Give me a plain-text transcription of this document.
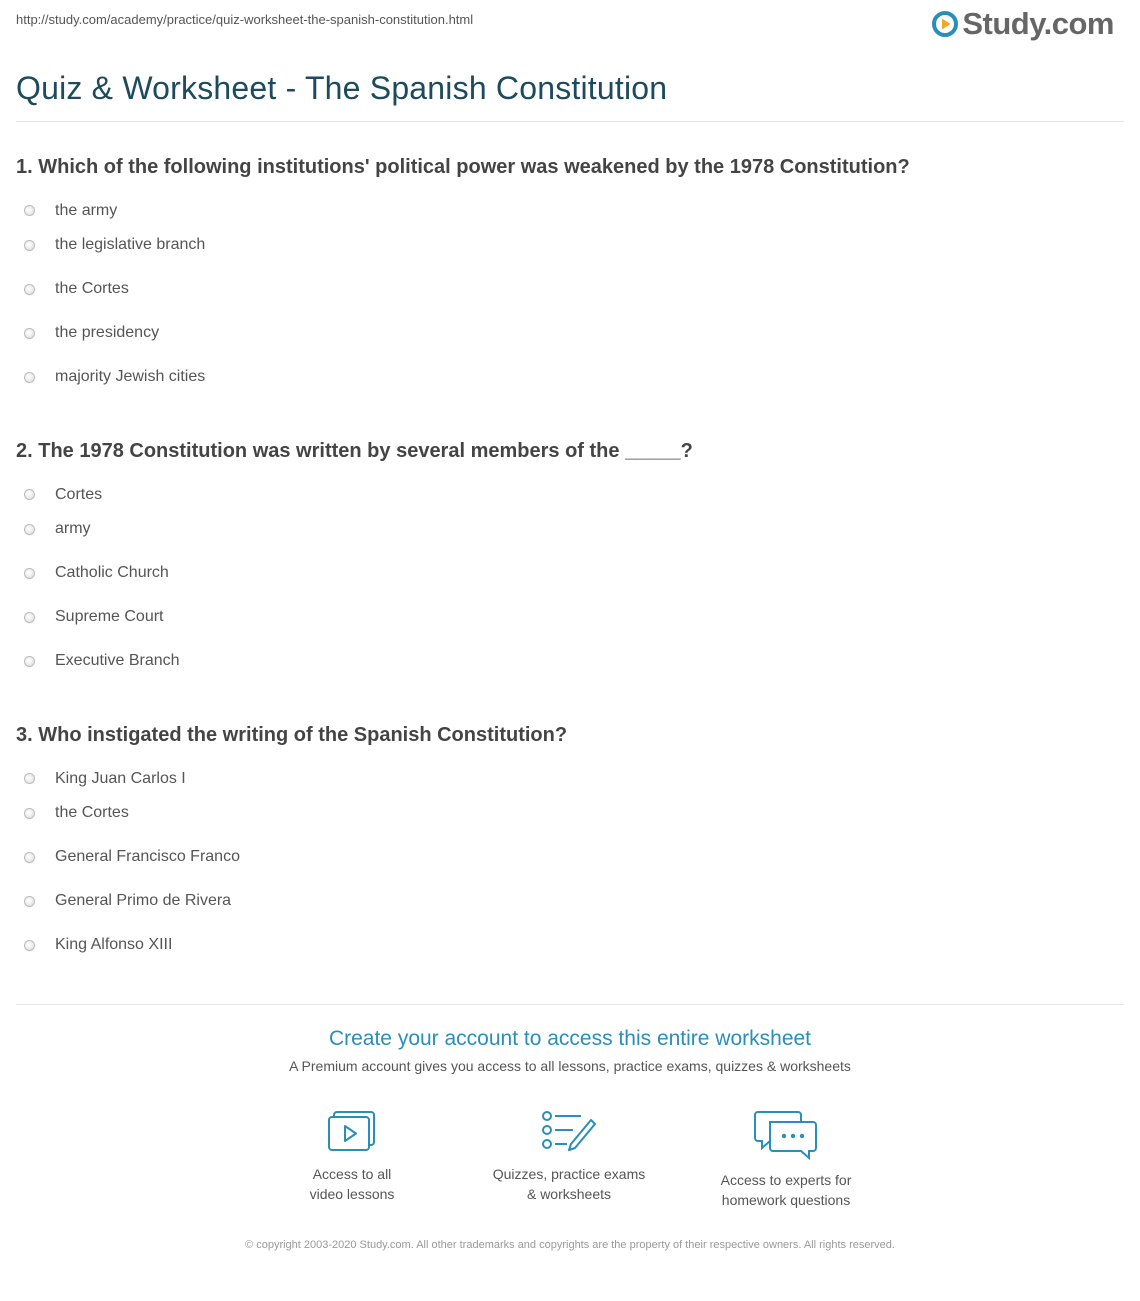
http://study.com/academy/practice/quiz-worksheet-the-spanish-constitution.html	Study.com
Quiz & Worksheet - The Spanish Constitution
1. Which of the following institutions' political power was weakened by the 1978 Constitution?
the army
the legislative branch
the Cortes
the presidency
majority Jewish cities
2. The 1978 Constitution was written by several members of the _____?
Cortes
army
Catholic Church
Supreme Court
Executive Branch
3. Who instigated the writing of the Spanish Constitution?
King Juan Carlos I
the Cortes
General Francisco Franco
General Primo de Rivera
King Alfonso XIII
Create your account to access this entire worksheet
A Premium account gives you access to all lessons, practice exams, quizzes & worksheets
Access to all
video lessons
Quizzes, practice exams
& worksheets
Access to experts for
homework questions
© copyright 2003-2020 Study.com. All other trademarks and copyrights are the property of their respective owners. All rights reserved.
